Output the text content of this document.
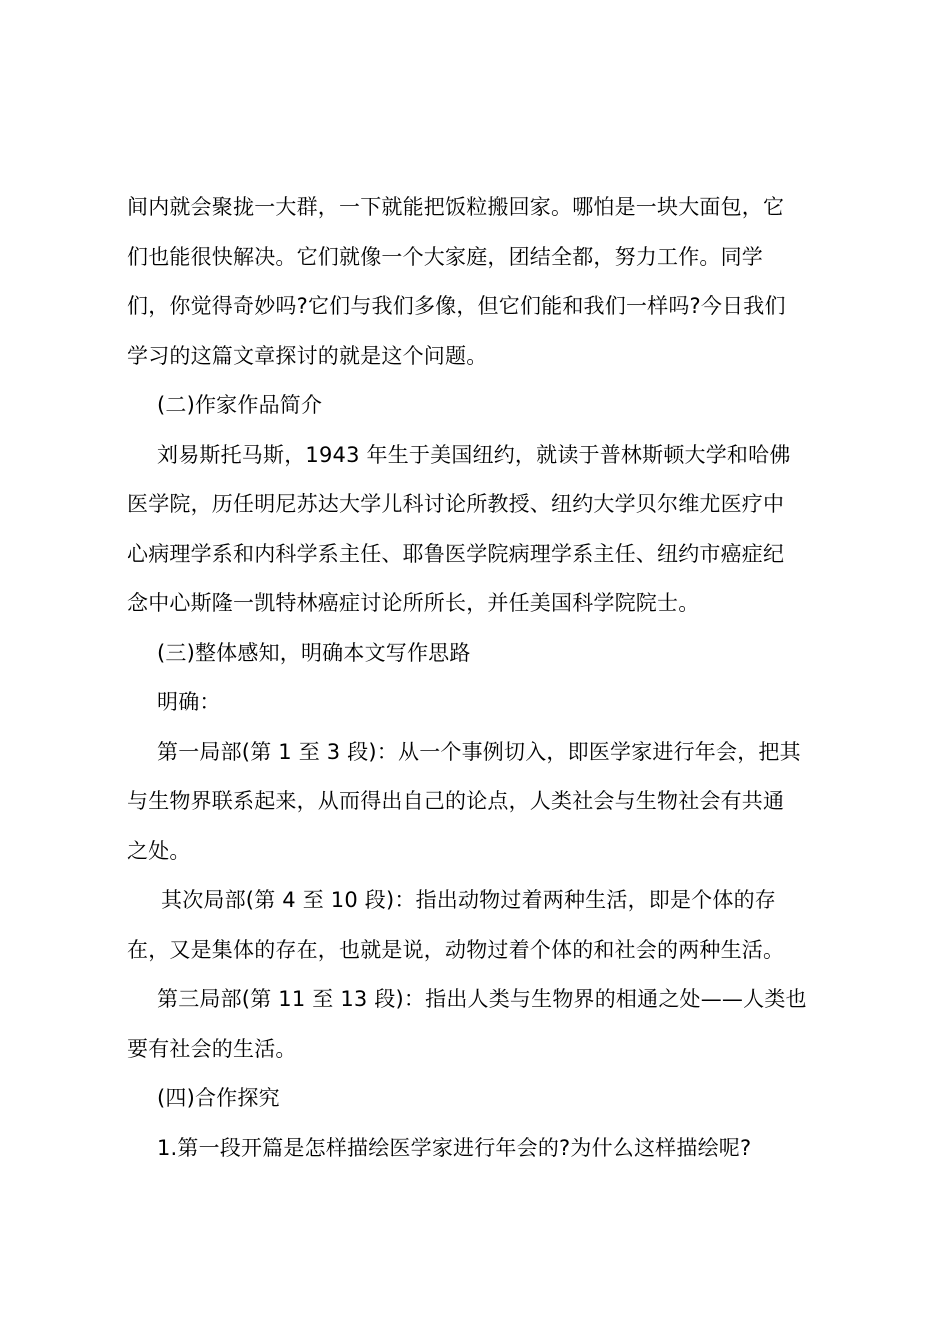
间内就会聚拢一大群，一下就能把饭粒搬回家。哪怕是一块大面包，它
们也能很快解决。它们就像一个大家庭，团结全都，努力工作。同学
们，你觉得奇妙吗?它们与我们多像，但它们能和我们一样吗?今日我们
学习的这篇文章探讨的就是这个问题。
(二)作家作品简介
刘易斯托马斯，1943 年生于美国纽约，就读于普林斯顿大学和哈佛
医学院，历任明尼苏达大学儿科讨论所教授、纽约大学贝尔维尤医疗中
心病理学系和内科学系主任、耶鲁医学院病理学系主任、纽约市癌症纪
念中心斯隆一凯特林癌症讨论所所长，并任美国科学院院士。
(三)整体感知，明确本文写作思路
明确：
第一局部(第 1 至 3 段)：从一个事例切入，即医学家进行年会，把其
与生物界联系起来，从而得出自己的论点，人类社会与生物社会有共通
之处。
其次局部(第 4 至 10 段)：指出动物过着两种生活，即是个体的存
在，又是集体的存在，也就是说，动物过着个体的和社会的两种生活。
第三局部(第 11 至 13 段)：指出人类与生物界的相通之处——人类也
要有社会的生活。
(四)合作探究
1.第一段开篇是怎样描绘医学家进行年会的?为什么这样描绘呢?
